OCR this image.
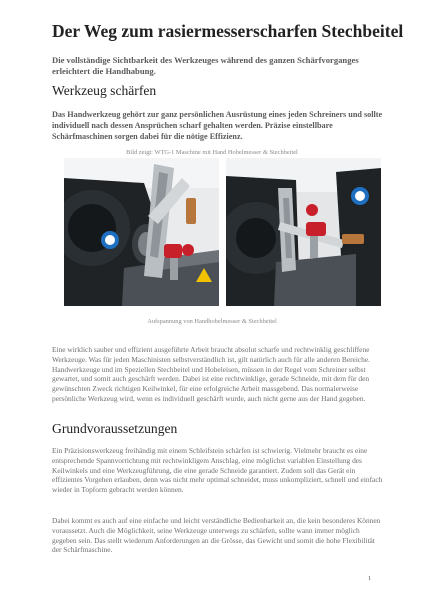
Der Weg zum rasiermesserscharfen Stechbeitel

Die vollständige Sichtbarkeit des Werkzeuges während des ganzen Schärfvorganges erleichtert die Handhabung.

Werkzeug schärfen

Das Handwerkzeug gehört zur ganz persönlichen Ausrüstung eines jeden Schreiners und sollte individuell nach dessen Ansprüchen scharf gehalten werden. Präzise einstellbare Schärfmaschinen sorgen dabei für die nötige Effizienz.

Bild zeigt: WTG-1 Maschine mit Hand Hobelmesser & Stechbeitel

Aufspannung von Handhobelmesser & Stechbeitel

Eine wirklich sauber und effizient ausgeführte Arbeit braucht absolut scharfe und rechtwinklig geschliffene Werkzeuge. Was für jeden Maschinisten selbstverständlich ist, gilt natürlich auch für alle anderen Bereiche. Handwerkzeuge und im Speziellen Stechbeitel und Hobeleisen, müssen in der Regel vom Schreiner selbst gewartet, und somit auch geschärft werden. Dabei ist eine rechtwinklige, gerade Schneide, mit dem für den gewünschten Zweck richtigen Keilwinkel, für eine erfolgreiche Arbeit massgebend. Das normalerweise persönliche Werkzeug wird, wenn es individuell geschärft wurde, auch nicht gerne aus der Hand gegeben.

Grundvoraussetzungen

Ein Präzisionswerkzeug freihändig mit einem Schleifstein schärfen ist schwierig. Vielmehr braucht es eine entsprechende Spannvorrichtung mit rechtwinkligem Anschlag, eine möglichst variablen Einstellung des Keilwinkels und eine Werkzeugführung, die eine gerade Schneide garantiert. Zudem soll das Gerät ein effizientes Vorgehen erlauben, denn was nicht mehr optimal schneidet, muss unkompliziert, schnell und einfach wieder in Topform gebracht werden können.

Dabei kommt es auch auf eine einfache und leicht verständliche Bedienbarkeit an, die kein besonderes Können voraussetzt. Auch die Möglichkeit, seine Werkzeuge unterwegs zu schärfen, sollte wann immer möglich gegeben sein. Das stellt wiederum Anforderungen an die Grösse, das Gewicht und somit die hohe Flexibilität der Schärfmaschine.

1
